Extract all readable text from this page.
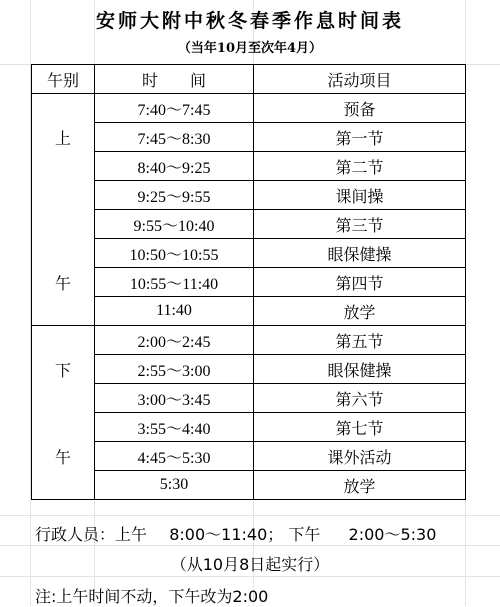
安师大附中秋冬春季作息时间表
（当年10月至次年4月）
午别	时　　间	活动项目
	7:40～7:45	预备
上	7:45～8:30	第一节
	8:40～9:25	第二节
	9:25～9:55	课间操
	9:55～10:40	第三节
	10:50～10:55	眼保健操
午	10:55～11:40	第四节
	11:40	放学
	2:00～2:45	第五节
下	2:55～3:00	眼保健操
	3:00～3:45	第六节
	3:55～4:40	第七节
午	4:45～5:30	课外活动
	5:30	放学
行政人员：上午 8:00～11:40； 下午 2:00～5:30
（从10月8日起实行）
注:上午时间不动，下午改为2:00
